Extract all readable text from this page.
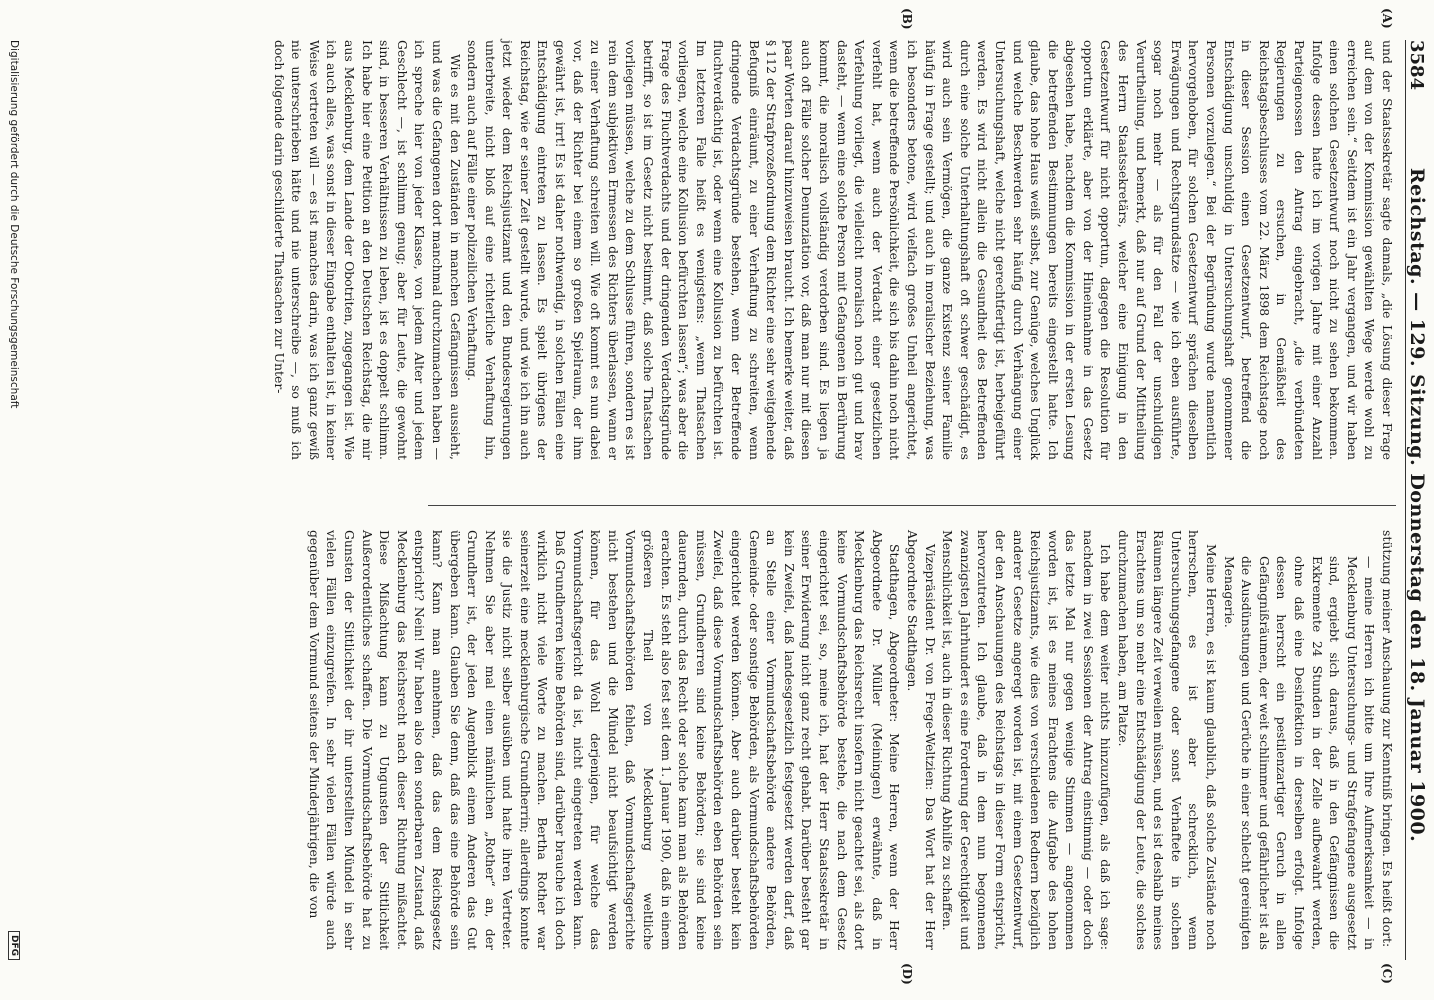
3584
Reichstag. — 129. Sitzung. Donnerstag den 18. Januar 1900.
(A)
(B)
(C)
(D)

und der Staatssekretär sagte damals, „die Lösung dieser Frage auf dem von der Kommission gewählten Wege werde wohl zu erreichen sein.“ Seitdem ist ein Jahr vergangen, und wir haben einen solchen Gesetzentwurf noch nicht zu sehen bekommen. Infolge dessen hatte ich im vorigen Jahre mit einer Anzahl Parteigenossen den Antrag eingebracht, „die verbündeten Regierungen zu ersuchen, in Gemäßheit des Reichstagsbeschlusses vom 22. März 1898 dem Reichstage noch in dieser Session einen Gesetzentwurf, betreffend die Entschädigung unschuldig in Untersuchungshaft genommener Personen vorzulegen.“ Bei der Begründung wurde namentlich hervorgehoben, für solchen Gesetzentwurf sprächen dieselben Erwägungen und Rechtsgrundsätze — wie ich eben ausführte, sogar noch mehr — als für den Fall der unschuldigen Verurtheilung, und bemerkt, daß nur auf Grund der Mittheilung des Herrn Staatssekretärs, welcher eine Einigung in den Gesetzentwurf für nicht opportun, dagegen die Resolution für opportun erklärte, aber von der Hineinnahme in das Gesetz abgesehen habe, nachdem die Kommission in der ersten Lesung die betreffenden Bestimmungen bereits eingestellt hatte. Ich glaube, das hohe Haus weiß selbst, zur Genüge, welches Unglück und welche Beschwerden sehr häufig durch Verhängung einer Untersuchungshaft, welche nicht gerechtfertigt ist, herbeigeführt werden. Es wird nicht allein die Gesundheit des Betreffenden durch eine solche Unterhaltungshaft oft schwer geschädigt, es wird auch sein Vermögen, die ganze Existenz seiner Familie häufig in Frage gestellt; und auch in moralischer Beziehung, was ich besonders betone, wird vielfach großes Unheil angerichtet, wenn die betreffende Persönlichkeit, die sich bis dahin noch nicht verfehlt hat, wenn auch der Verdacht einer gesetzlichen Verfehlung vorliegt, die vielleicht moralisch noch gut und brav dasteht, — wenn eine solche Person mit Gefangenen in Berührung kommt, die moralisch vollständig verdorben sind. Es liegen ja auch oft Fälle solcher Denunziation vor, daß man nur mit diesen paar Worten darauf hinzuweisen braucht. Ich bemerke weiter, daß § 112 der Strafprozeßordnung dem Richter eine sehr weitgehende Befugniß einräumt, zu einer Verhaftung zu schreiten, wenn dringende Verdachtsgründe bestehen, wenn der Betreffende fluchtverdächtig ist, oder wenn eine Kollusion zu befürchten ist. Im letzteren Falle heißt es wenigstens: „wenn Thatsachen vorliegen, welche eine Kollusion befürchten lassen“; was aber die Frage des Fluchtverdachts und der dringenden Verdachtsgründe betrifft, so ist im Gesetz nicht bestimmt, daß solche Thatsachen vorliegen müssen, welche zu dem Schlusse führen, sondern es ist rein dem subjektiven Ermessen des Richters überlassen, wann er zu einer Verhaftung schreiten will. Wie oft kommt es nun dabei vor, daß der Richter bei einem so großen Spielraum, der ihm gewährt ist, irrt! Es ist daher nothwendig, in solchen Fällen eine Entschädigung eintreten zu lassen. Es spielt übrigens der Reichstag, wie er seiner Zeit gestellt wurde, und wie ich ihn auch jetzt wieder dem Reichsjustizamt und den Bundesregierungen unterbreite, nicht bloß auf eine richterliche Verhaftung hin, sondern auch auf Fälle einer polizeilichen Verhaftung.

Wie es mit den Zuständen in manchen Gefängnissen aussieht, und was die Gefangenen dort manchmal durchzumachen haben — ich spreche hier von jeder Klasse, von jedem Alter und jedem Geschlecht —, ist schlimm genug; aber für Leute, die gewohnt sind, in besseren Verhältnissen zu leben, ist es doppelt schlimm. Ich habe hier eine Petition an den Deutschen Reichstag, die mir aus Mecklenburg, dem Lande der Obotriten, zugegangen ist. Wie ich auch alles, was sonst in dieser Eingabe enthalten ist, in keiner Weise vertreten will — es ist manches darin, was ich ganz gewiß nie unterschrieben hätte und nie unterschreibe —, so muß ich doch folgende darin geschilderte Thatsachen zur Unter-

stützung meiner Anschauung zur Kenntniß bringen. Es heißt dort:

— meine Herren ich bitte um Ihre Aufmerksamkeit — in Mecklenburg Untersuchungs- und Strafgefangene ausgesetzt sind, ergiebt sich daraus, daß in den Gefängnissen die Exkremente 24 Stunden in der Zelle aufbewahrt werden, ohne daß eine Desinfektion in derselben erfolgt. Infolge dessen herrscht ein pestilenzartiger Geruch in allen Gefängnißräumen, der weit schlimmer und gefährlicher ist als die Ausdünstungen und Gerüche in einer schlecht gereinigten Menagerie.

Meine Herren, es ist kaum glaublich, daß solche Zustände noch herrschen, es ist aber schrecklich, wenn Untersuchungsgefangene oder sonst Verhaftete in solchen Räumen längere Zeit verweilen müssen, und es ist deshalb meines Erachtens um so mehr eine Entschädigung der Leute, die solches durchzumachen haben, am Platze.

Ich habe dem weiter nichts hinzuzufügen, als daß ich sage: nachdem in zwei Sessionen der Antrag einstimmig — oder doch das letzte Mal nur gegen wenige Stimmen — angenommen worden ist, ist es meines Erachtens die Aufgabe des hohen Reichsjustizamts, wie dies von verschiedenen Rednern bezüglich anderer Gesetze angeregt worden ist, mit einem Gesetzentwurf, der den Anschauungen des Reichstags in dieser Form entspricht, hervorzutreten. Ich glaube, daß in dem nun begonnenen zwanzigsten Jahrhundert es eine Forderung der Gerechtigkeit und Menschlichkeit ist, auch in dieser Richtung Abhilfe zu schaffen.

Vizepräsident Dr. von Frege-Weltzien: Das Wort hat der Herr Abgeordnete Stadthagen.

Stadthagen, Abgeordneter: Meine Herren, wenn der Herr Abgeordnete Dr. Müller (Meiningen) erwähnte, daß in Mecklenburg das Reichsrecht insofern nicht geachtet sei, als dort keine Vormundschaftsbehörde bestehe, die nach dem Gesetz eingerichtet sei, so, meine ich, hat der Herr Staatssekretär in seiner Erwiderung nicht ganz recht gehabt. Darüber besteht gar kein Zweifel, daß landesgesetzlich festgesetzt werden darf, daß an Stelle einer Vormundschaftsbehörde andere Behörden, Gemeinde- oder sonstige Behörden, als Vormundschaftsbehörden eingerichtet werden können. Aber auch darüber besteht kein Zweifel, daß diese Vormundschaftsbehörden eben Behörden sein müssen, Grundherren sind keine Behörden; sie sind keine dauernden, durch das Recht oder solche kann man als Behörden erachten. Es steht also fest seit dem 1. Januar 1900, daß in einem größeren Theil von Mecklenburg weltliche Vormundschaftsbehörden fehlen, daß Vormundschaftsgerichte nicht bestehen und die Mündel nicht beaufsichtigt werden können, für das Wohl derjenigen, für welche das Vormundschaftsgericht da ist, nicht eingetreten werden kann. Daß Grundherren keine Behörden sind, darüber brauche ich doch wirklich nicht viele Worte zu machen. Bertha Rother war seinerzeit eine mecklenburgische Grundherrin; allerdings konnte sie die Justiz nicht selber ausüben und hatte ihren Vertreter. Nehmen Sie aber mal einen männlichen „Rother“ an, der Grundherr ist, der jeden Augenblick einem Anderen das Gut übergeben kann. Glauben Sie denn, daß das eine Behörde sein kann? Kann man annehmen, daß das dem Reichsgesetz entspricht? Nein! Wir haben also den sonderbaren Zustand, daß Mecklenburg das Reichsrecht nach dieser Richtung mißachtet. Diese Mißachtung kann zu Ungunsten der Sittlichkeit Außerordentliches schaffen. Die Vormundschaftsbehörde hat zu Gunsten der Sittlichkeit der ihr unterstellten Mündel in sehr vielen Fällen einzugreifen. In sehr vielen Fällen würde auch gegenüber dem Vormund seitens der Minderjährigen, die von

Digitalisierung gefördert durch die Deutsche Forschungsgemeinschaft
DFG
